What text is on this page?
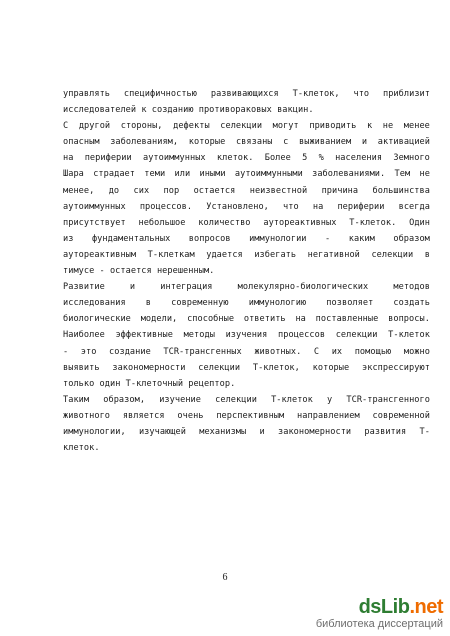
управлять специфичностью развивающихся Т-клеток, что приблизит
исследователей к созданию противораковых вакцин.
С другой стороны, дефекты селекции могут приводить к не менее
опасным заболеваниям, которые связаны с выживанием и активацией
на периферии аутоиммунных клеток. Более 5 % населения Земного
Шара страдает теми или иными аутоиммунными заболеваниями. Тем не
менее, до сих пор остается неизвестной причина большинства
аутоиммунных процессов. Установлено, что на периферии всегда
присутствует небольшое количество аутореактивных Т-клеток. Один
из фундаментальных вопросов иммунологии - каким образом
аутореактивным Т-клеткам удается избегать негативной селекции в
тимусе - остается нерешенным.
Развитие	и	интеграция	молекулярно-биологических	методов
исследования в современную иммунологию позволяет создать
биологические модели, способные ответить на поставленные вопросы.
Наиболее эффективные методы изучения процессов селекции Т-клеток
- это создание TCR-трансгенных животных. С их помощью можно
выявить закономерности селекции Т-клеток, которые экспрессируют
только один Т-клеточный рецептор.
Таким образом, изучение селекции Т-клеток у TCR-трансгенного
животного является очень перспективным направлением современной
иммунологии, изучающей механизмы и закономерности развития Т-
клеток.
6
dsLib.net
библиотека диссертаций
